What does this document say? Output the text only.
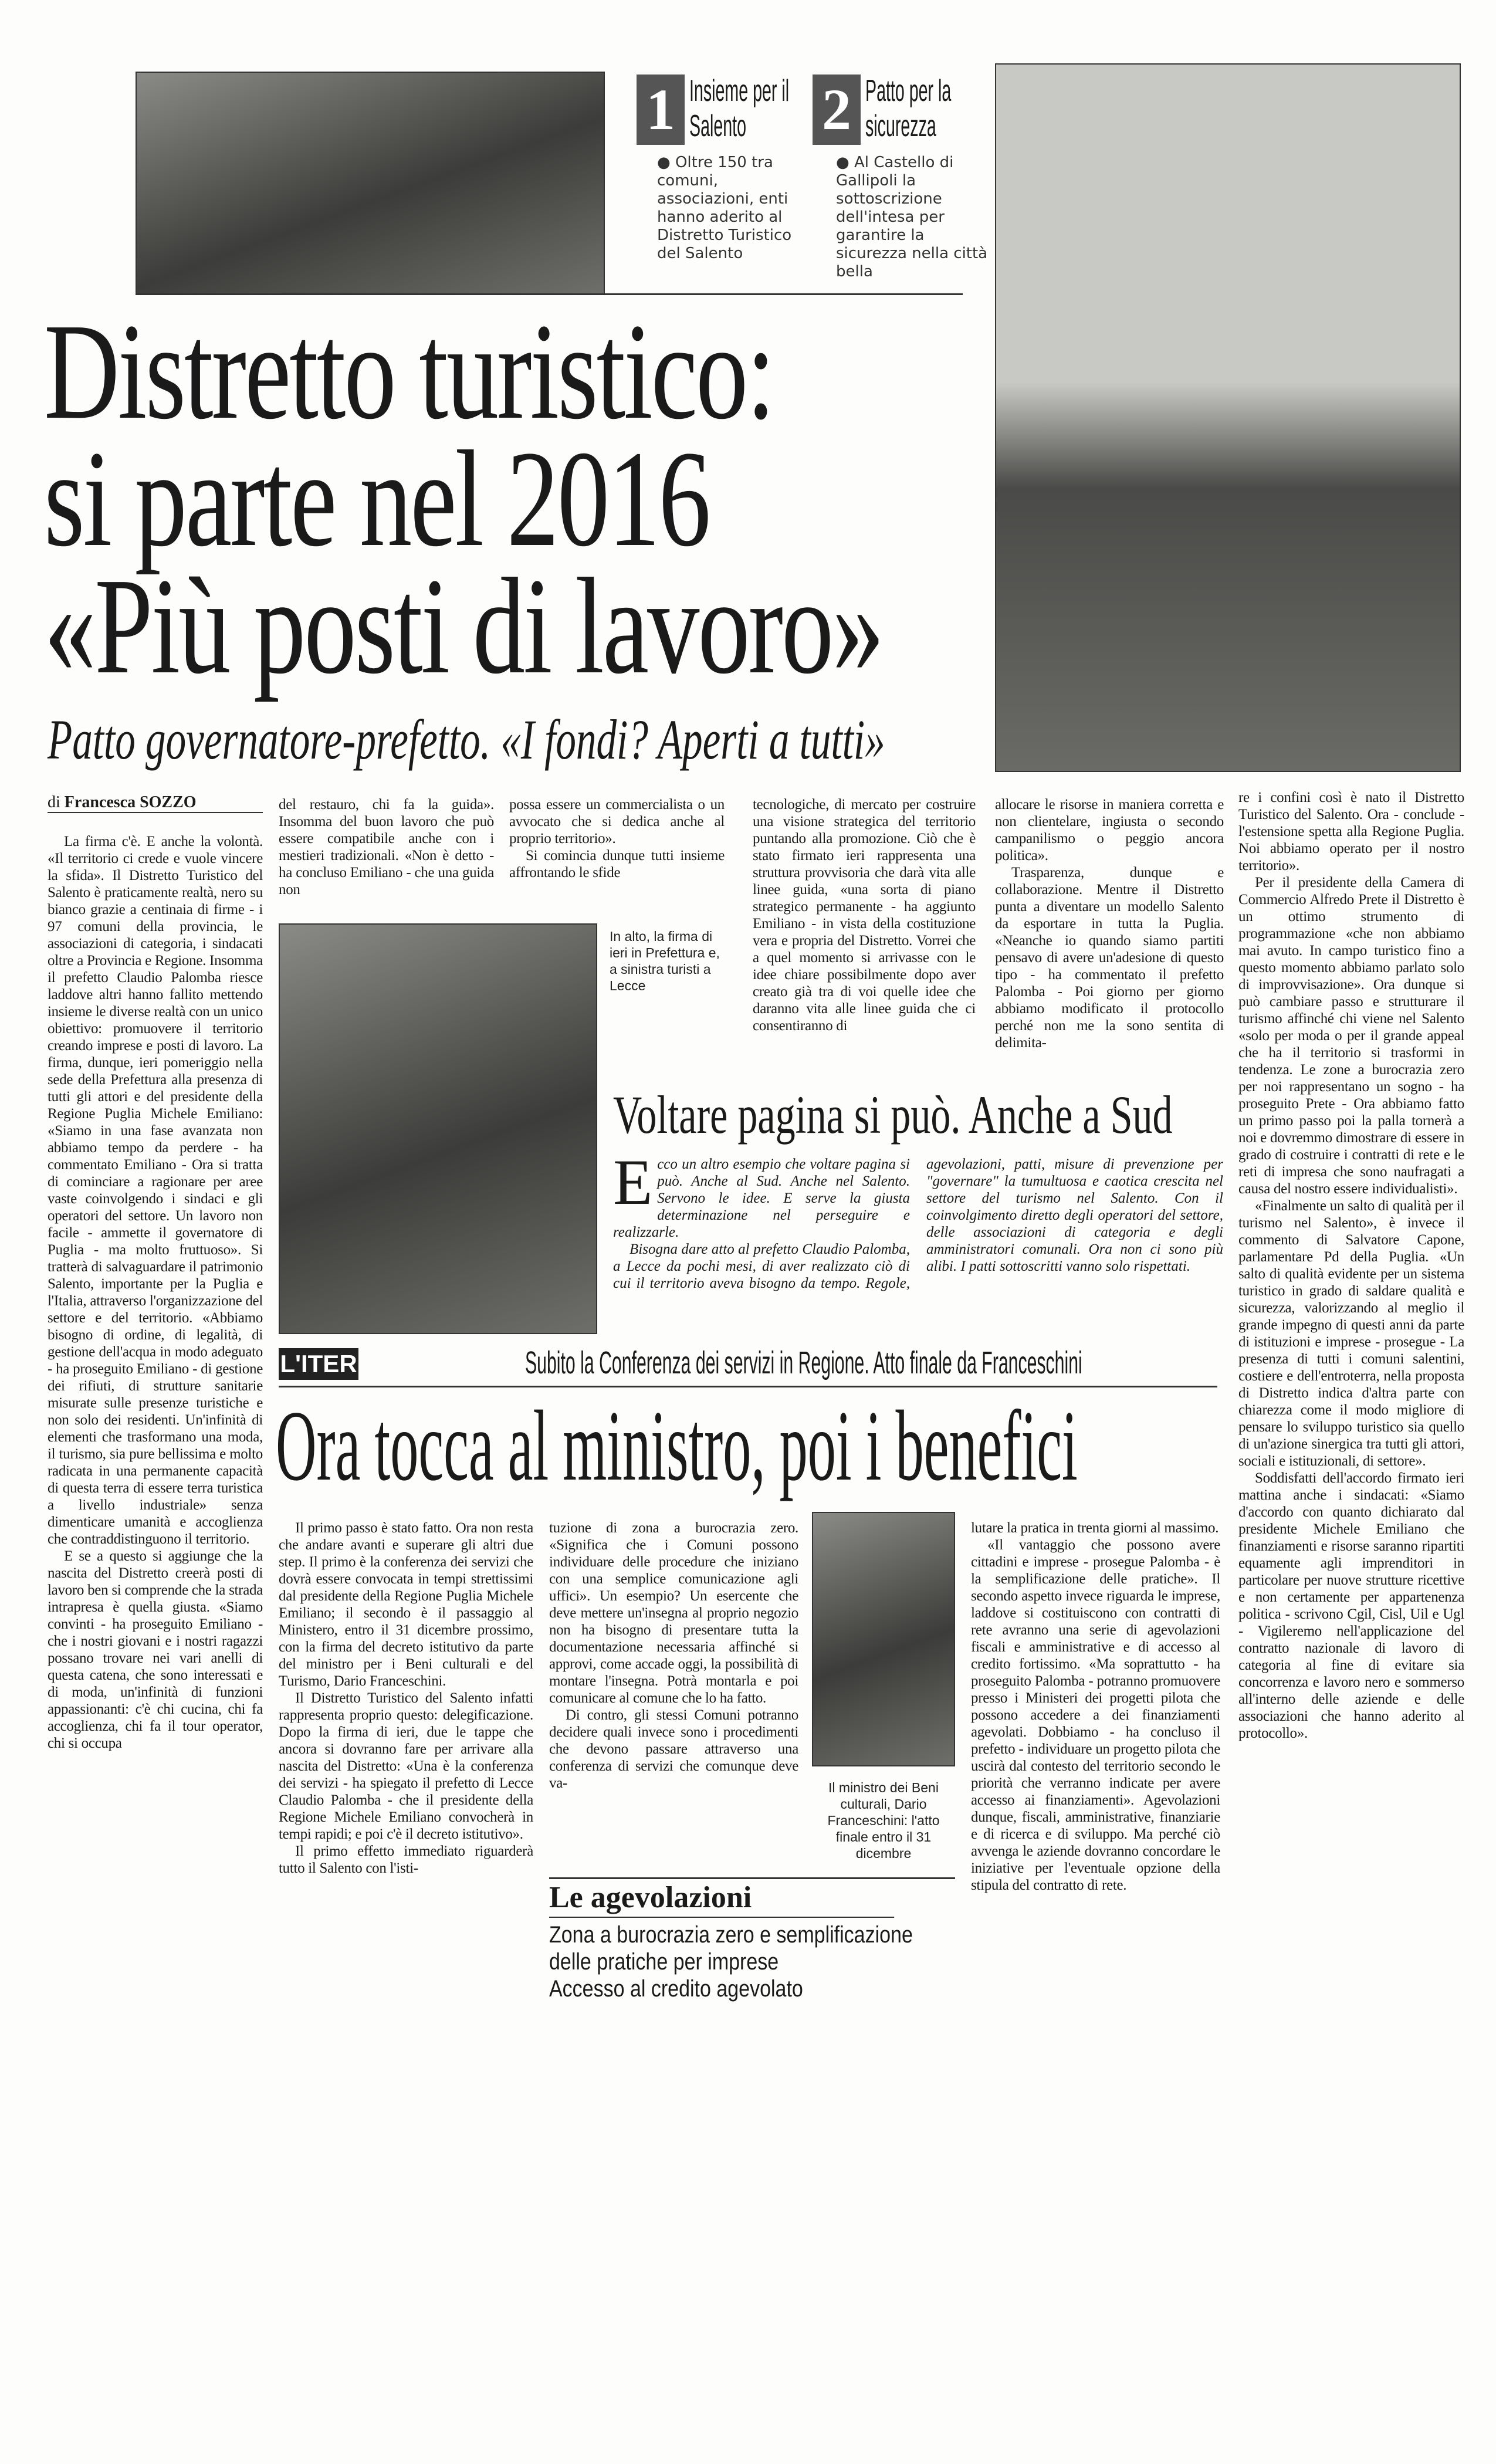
1 Insieme per il Salento
● Oltre 150 tra comuni, associazioni, enti hanno aderito al Distretto Turistico del Salento
2 Patto per la sicurezza
● Al Castello di Gallipoli la sottoscrizione dell'intesa per garantire la sicurezza nella città bella
Distretto turistico:
si parte nel 2016
«Più posti di lavoro»
Patto governatore-prefetto. «I fondi? Aperti a tutti»
di Francesca SOZZO

La firma c'è. E anche la volontà. «Il territorio ci crede e vuole vincere la sfida». Il Distretto Turistico del Salento è praticamente realtà, nero su bianco grazie a centinaia di firme - i 97 comuni della provincia, le associazioni di categoria, i sindacati oltre a Provincia e Regione. Insomma il prefetto Claudio Palomba riesce laddove altri hanno fallito mettendo insieme le diverse realtà con un unico obiettivo: promuovere il territorio creando imprese e posti di lavoro. La firma, dunque, ieri pomeriggio nella sede della Prefettura alla presenza di tutti gli attori e del presidente della Regione Puglia Michele Emiliano: «Siamo in una fase avanzata non abbiamo tempo da perdere - ha commentato Emiliano - Ora si tratta di cominciare a ragionare per aree vaste coinvolgendo i sindaci e gli operatori del settore. Un lavoro non facile - ammette il governatore di Puglia - ma molto fruttuoso». Si tratterà di salvaguardare il patrimonio Salento, importante per la Puglia e l'Italia, attraverso l'organizzazione del settore e del territorio. «Abbiamo bisogno di ordine, di legalità, di gestione dell'acqua in modo adeguato - ha proseguito Emiliano - di gestione dei rifiuti, di strutture sanitarie misurate sulle presenze turistiche e non solo dei residenti. Un'infinità di elementi che trasformano una moda, il turismo, sia pure bellissima e molto radicata in una permanente capacità di questa terra di essere terra turistica a livello industriale» senza dimenticare umanità e accoglienza che contraddistinguono il territorio.

E se a questo si aggiunge che la nascita del Distretto creerà posti di lavoro ben si comprende che la strada intrapresa è quella giusta. «Siamo convinti - ha proseguito Emiliano - che i nostri giovani e i nostri ragazzi possano trovare nei vari anelli di questa catena, che sono interessati e di moda, un'infinità di funzioni appassionanti: c'è chi cucina, chi fa accoglienza, chi fa il tour operator, chi si occupa

del restauro, chi fa la guida». Insomma del buon lavoro che può essere compatibile anche con i mestieri tradizionali. «Non è detto - ha concluso Emiliano - che una guida non
possa essere un commercialista o un avvocato che si dedica anche al proprio territorio».

Si comincia dunque tutti insieme affrontando le sfide

tecnologiche, di mercato per costruire una visione strategica del territorio puntando alla promozione. Ciò che è stato firmato ieri rappresenta una struttura provvisoria che darà vita alle linee guida, «una sorta di piano strategico permanente - ha aggiunto Emiliano - in vista della costituzione vera e propria del Distretto. Vorrei che a quel momento si arrivasse con le idee chiare possibilmente dopo aver creato già tra di voi quelle idee che daranno vita alle linee guida che ci consentiranno di
allocare le risorse in maniera corretta e non clientelare, ingiusta o secondo campanilismo o peggio ancora politica».

Trasparenza, dunque e collaborazione. Mentre il Distretto punta a diventare un modello Salento da esportare in tutta la Puglia. «Neanche io quando siamo partiti pensavo di avere un'adesione di questo tipo - ha commentato il prefetto Palomba - Poi giorno per giorno abbiamo modificato il protocollo perché non me la sono sentita di delimita-

re i confini così è nato il Distretto Turistico del Salento. Ora - conclude - l'estensione spetta alla Regione Puglia. Noi abbiamo operato per il nostro territorio».

Per il presidente della Camera di Commercio Alfredo Prete il Distretto è un ottimo strumento di programmazione «che non abbiamo mai avuto. In campo turistico fino a questo momento abbiamo parlato solo di improvvisazione». Ora dunque si può cambiare passo e strutturare il turismo affinché chi viene nel Salento «solo per moda o per il grande appeal che ha il territorio si trasformi in tendenza. Le zone a burocrazia zero per noi rappresentano un sogno - ha proseguito Prete - Ora abbiamo fatto un primo passo poi la palla tornerà a noi e dovremmo dimostrare di essere in grado di costruire i contratti di rete e le reti di impresa che sono naufragati a causa del nostro essere individualisti».

«Finalmente un salto di qualità per il turismo nel Salento», è invece il commento di Salvatore Capone, parlamentare Pd della Puglia. «Un salto di qualità evidente per un sistema turistico in grado di saldare qualità e sicurezza, valorizzando al meglio il grande impegno di questi anni da parte di istituzioni e imprese - prosegue - La presenza di tutti i comuni salentini, costiere e dell'entroterra, nella proposta di Distretto indica d'altra parte con chiarezza come il modo migliore di pensare lo sviluppo turistico sia quello di un'azione sinergica tra tutti gli attori, sociali e istituzionali, di settore».

Soddisfatti dell'accordo firmato ieri mattina anche i sindacati: «Siamo d'accordo con quanto dichiarato dal presidente Michele Emiliano che finanziamenti e risorse saranno ripartiti equamente agli imprenditori in particolare per nuove strutture ricettive e non certamente per appartenenza politica - scrivono Cgil, Cisl, Uil e Ugl - Vigileremo nell'applicazione del contratto nazionale di lavoro di categoria al fine di evitare sia concorrenza e lavoro nero e sommerso all'interno delle aziende e delle associazioni che hanno aderito al protocollo».

In alto, la firma di ieri in Prefettura e, a sinistra turisti a Lecce
Voltare pagina si può. Anche a Sud
Ecco un altro esempio che voltare pagina si può. Anche al Sud. Anche nel Salento. Servono le idee. E serve la giusta determinazione nel perseguire e realizzarle.

Bisogna dare atto al prefetto Claudio Palomba, a Lecce da pochi mesi, di aver realizzato ciò di cui il territorio aveva bisogno da tempo. Regole, agevolazioni, patti, misure di prevenzione per "governare" la tumultuosa e caotica crescita nel settore del turismo nel Salento. Con il coinvolgimento diretto degli operatori del settore, delle associazioni di categoria e degli amministratori comunali. Ora non ci sono più alibi. I patti sottoscritti vanno solo rispettati.

L'ITER	Subito la Conferenza dei servizi in Regione. Atto finale da Franceschini
Ora tocca al ministro, poi i benefici

Il primo passo è stato fatto. Ora non resta che andare avanti e superare gli altri due step. Il primo è la conferenza dei servizi che dovrà essere convocata in tempi strettissimi dal presidente della Regione Puglia Michele Emiliano; il secondo è il passaggio al Ministero, entro il 31 dicembre prossimo, con la firma del decreto istitutivo da parte del ministro per i Beni culturali e del Turismo, Dario Franceschini.

Il Distretto Turistico del Salento infatti rappresenta proprio questo: delegificazione. Dopo la firma di ieri, due le tappe che ancora si dovranno fare per arrivare alla nascita del Distretto: «Una è la conferenza dei servizi - ha spiegato il prefetto di Lecce Claudio Palomba - che il presidente della Regione Michele Emiliano convocherà in tempi rapidi; e poi c'è il decreto istitutivo».

Il primo effetto immediato riguarderà tutto il Salento con l'isti-

tuzione di zona a burocrazia zero. «Significa che i Comuni possono individuare delle procedure che iniziano con una semplice comunicazione agli uffici». Un esempio? Un esercente che deve mettere un'insegna al proprio negozio non ha bisogno di presentare tutta la documentazione necessaria affinché si approvi, come accade oggi, la possibilità di montare l'insegna. Potrà montarla e poi comunicare al comune che lo ha fatto.

Di contro, gli stessi Comuni potranno decidere quali invece sono i procedimenti che devono passare attraverso una conferenza di servizi che comunque deve va-	Il ministro dei Beni culturali, Dario Franceschini: l'atto finale entro il 31 dicembre
lutare la pratica in trenta giorni al massimo.

«Il vantaggio che possono avere cittadini e imprese - prosegue Palomba - è la semplificazione delle pratiche». Il secondo aspetto invece riguarda le imprese, laddove si costituiscono con contratti di rete avranno una serie di agevolazioni fiscali e amministrative e di accesso al credito fortissimo. «Ma soprattutto - ha proseguito Palomba - potranno promuovere presso i Ministeri dei progetti pilota che possono accedere a dei finanziamenti agevolati. Dobbiamo - ha concluso il prefetto - individuare un progetto pilota che uscirà dal contesto del territorio secondo le priorità che verranno indicate per avere accesso ai finanziamenti». Agevolazioni dunque, fiscali, amministrative, finanziarie e di ricerca e di sviluppo. Ma perché ciò avvenga le aziende dovranno concordare le iniziative per l'eventuale opzione della stipula del contratto di rete.

Le agevolazioni
Zona a burocrazia zero e semplificazione
delle pratiche per imprese
Accesso al credito agevolato
